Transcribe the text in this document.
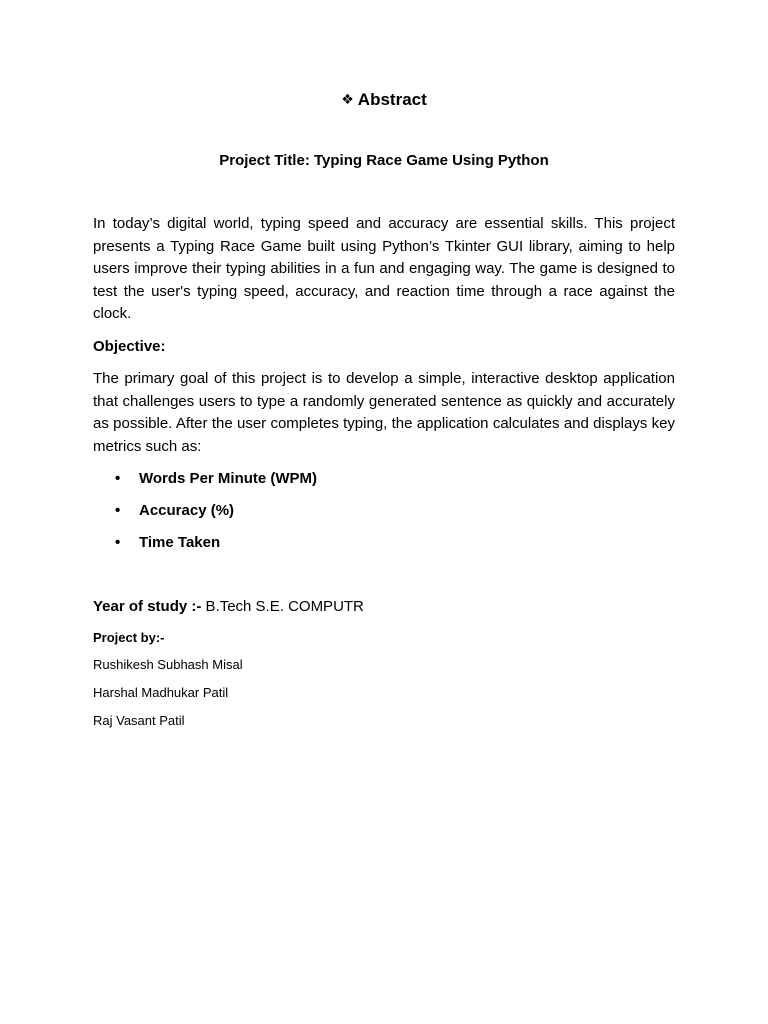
❖ Abstract
Project Title: Typing Race Game Using Python

In today’s digital world, typing speed and accuracy are essential skills. This project presents a Typing Race Game built using Python’s Tkinter GUI library, aiming to help users improve their typing abilities in a fun and engaging way. The game is designed to test the user's typing speed, accuracy, and reaction time through a race against the clock.

Objective:

The primary goal of this project is to develop a simple, interactive desktop application that challenges users to type a randomly generated sentence as quickly and accurately as possible. After the user completes typing, the application calculates and displays key metrics such as:

• Words Per Minute (WPM)
• Accuracy (%)
• Time Taken
Year of study :- B.Tech S.E. COMPUTR
Project by:-
Rushikesh Subhash Misal
Harshal Madhukar Patil
Raj Vasant Patil
